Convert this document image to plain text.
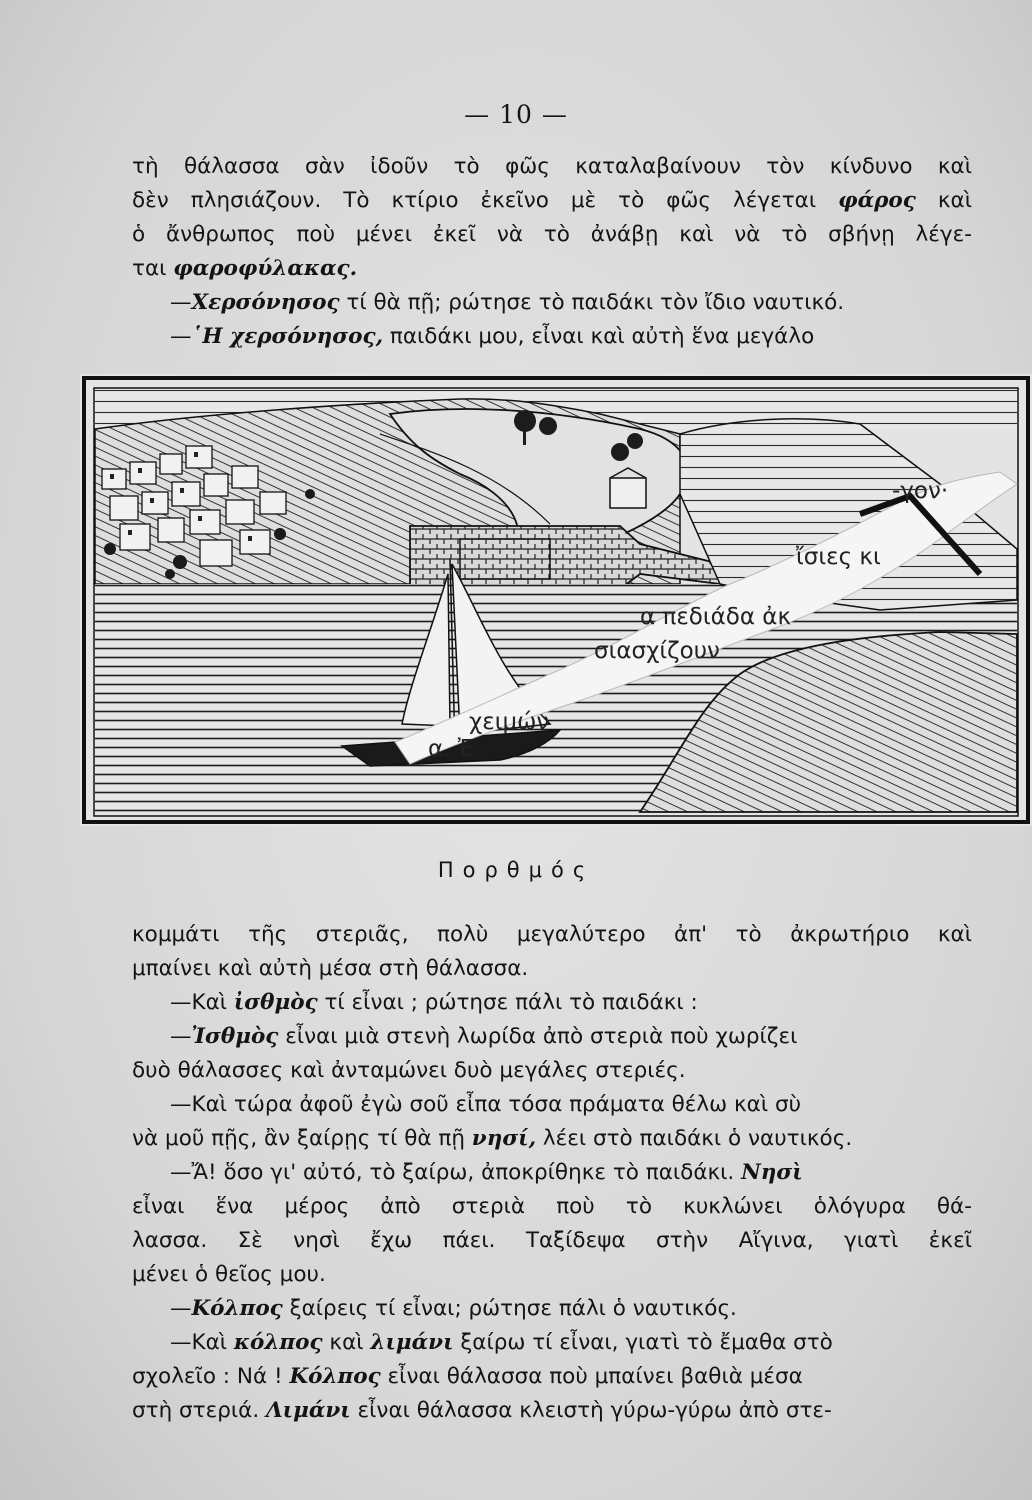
— 10 —
τὴ θάλασσα σὰν ἰδοῦν τὸ φῶς καταλαβαίνουν τὸν κίνδυνο καὶ
δὲν πλησιάζουν. Τὸ κτίριο ἐκεῖνο μὲ τὸ φῶς λέγεται φάρος καὶ
ὁ ἄνθρωπος ποὺ μένει ἐκεῖ νὰ τὸ ἀνάβῃ καὶ νὰ τὸ σβήνῃ λέγε-
ται φαροφύλακας.
—Χερσόνησος τί θὰ πῇ; ρώτησε τὸ παιδάκι τὸν ἴδιο ναυτικό.
—῾Η χερσόνησος, παιδάκι μου, εἶναι καὶ αὐτὴ ἕνα μεγάλο
-γον·
ἴσιες κι
α πεδιάδα ἀκ
σιασχίζουν
χειμών
α. Ἐ
Πορθμός
κομμάτι τῆς στεριᾶς, πολὺ μεγαλύτερο ἀπ' τὸ ἀκρωτήριο καὶ
μπαίνει καὶ αὐτὴ μέσα στὴ θάλασσα.
—Καὶ ἰσθμὸς τί εἶναι ; ρώτησε πάλι τὸ παιδάκι :
—Ἰσθμὸς εἶναι μιὰ στενὴ λωρίδα ἀπὸ στεριὰ ποὺ χωρίζει
δυὸ θάλασσες καὶ ἀνταμώνει δυὸ μεγάλες στεριές.
—Καὶ τώρα ἀφοῦ ἐγὼ σοῦ εἶπα τόσα πράματα θέλω καὶ σὺ
νὰ μοῦ πῇς, ἂν ξαίρῃς τί θὰ πῇ νησί, λέει στὸ παιδάκι ὁ ναυτικός.
—Ἄ! ὅσο γι' αὐτό, τὸ ξαίρω, ἀποκρίθηκε τὸ παιδάκι. Νησὶ
εἶναι ἕνα μέρος ἀπὸ στεριὰ ποὺ τὸ κυκλώνει ὁλόγυρα θά-
λασσα. Σὲ νησὶ ἔχω πάει. Ταξίδεψα στὴν Αἴγινα, γιατὶ ἐκεῖ
μένει ὁ θεῖος μου.
—Κόλπος ξαίρεις τί εἶναι; ρώτησε πάλι ὁ ναυτικός.
—Καὶ κόλπος καὶ λιμάνι ξαίρω τί εἶναι, γιατὶ τὸ ἔμαθα στὸ
σχολεῖο : Νά ! Κόλπος εἶναι θάλασσα ποὺ μπαίνει βαθιὰ μέσα
στὴ στεριά. Λιμάνι εἶναι θάλασσα κλειστὴ γύρω-γύρω ἀπὸ στε-
